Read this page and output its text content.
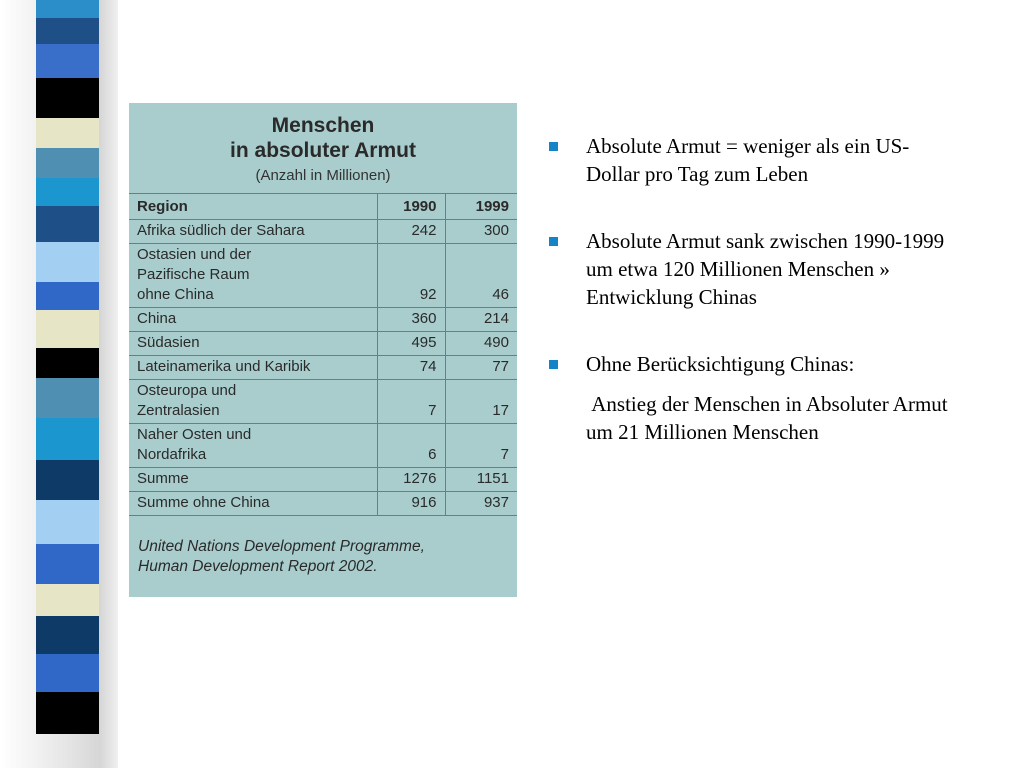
Menschen
in absoluter Armut
(Anzahl in Millionen)
Region	1990	1999
Afrika südlich der Sahara	242	300
Ostasien und der
Pazifische Raum
ohne China	92	46
China	360	214
Südasien	495	490
Lateinamerika und Karibik	74	77
Osteuropa und
Zentralasien	7	17
Naher Osten und
Nordafrika	6	7
Summe	1276	1151
Summe ohne China	916	937
United Nations Development Programme,
Human Development Report 2002.
Absolute Armut = weniger als ein US-Dollar pro Tag zum Leben
Absolute Armut sank zwischen 1990-1999 um etwa 120 Millionen Menschen » Entwicklung Chinas
Ohne Berücksichtigung Chinas:
Anstieg der Menschen in Absoluter Armut um 21 Millionen Menschen
